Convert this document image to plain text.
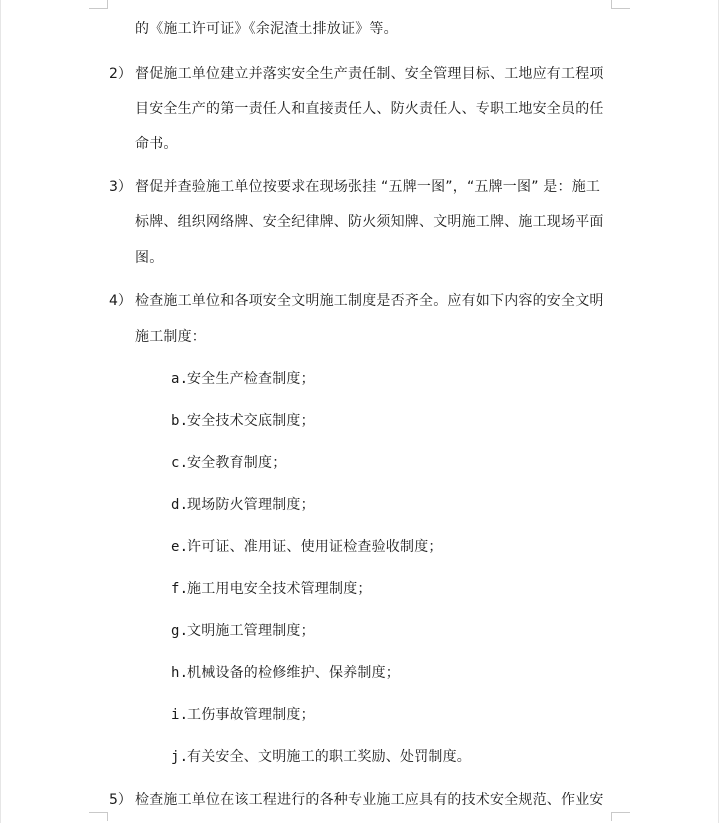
的《施工许可证》《余泥渣土排放证》等。
2） 督促施工单位建立并落实安全生产责任制、安全管理目标、工地应有工程项
目安全生产的第一责任人和直接责任人、防火责任人、专职工地安全员的任
命书。
3） 督促并查验施工单位按要求在现场张挂 “五牌一图”，“五牌一图” 是：施工
标牌、组织网络牌、安全纪律牌、防火须知牌、文明施工牌、施工现场平面
图。
4） 检查施工单位和各项安全文明施工制度是否齐全。应有如下内容的安全文明
施工制度：
a.安全生产检查制度；
b.安全技术交底制度；
c.安全教育制度；
d.现场防火管理制度；
e.许可证、准用证、使用证检查验收制度；
f.施工用电安全技术管理制度；
g.文明施工管理制度；
h.机械设备的检修维护、保养制度；
i.工伤事故管理制度；
j.有关安全、文明施工的职工奖励、处罚制度。
5） 检查施工单位在该工程进行的各种专业施工应具有的技术安全规范、作业安
